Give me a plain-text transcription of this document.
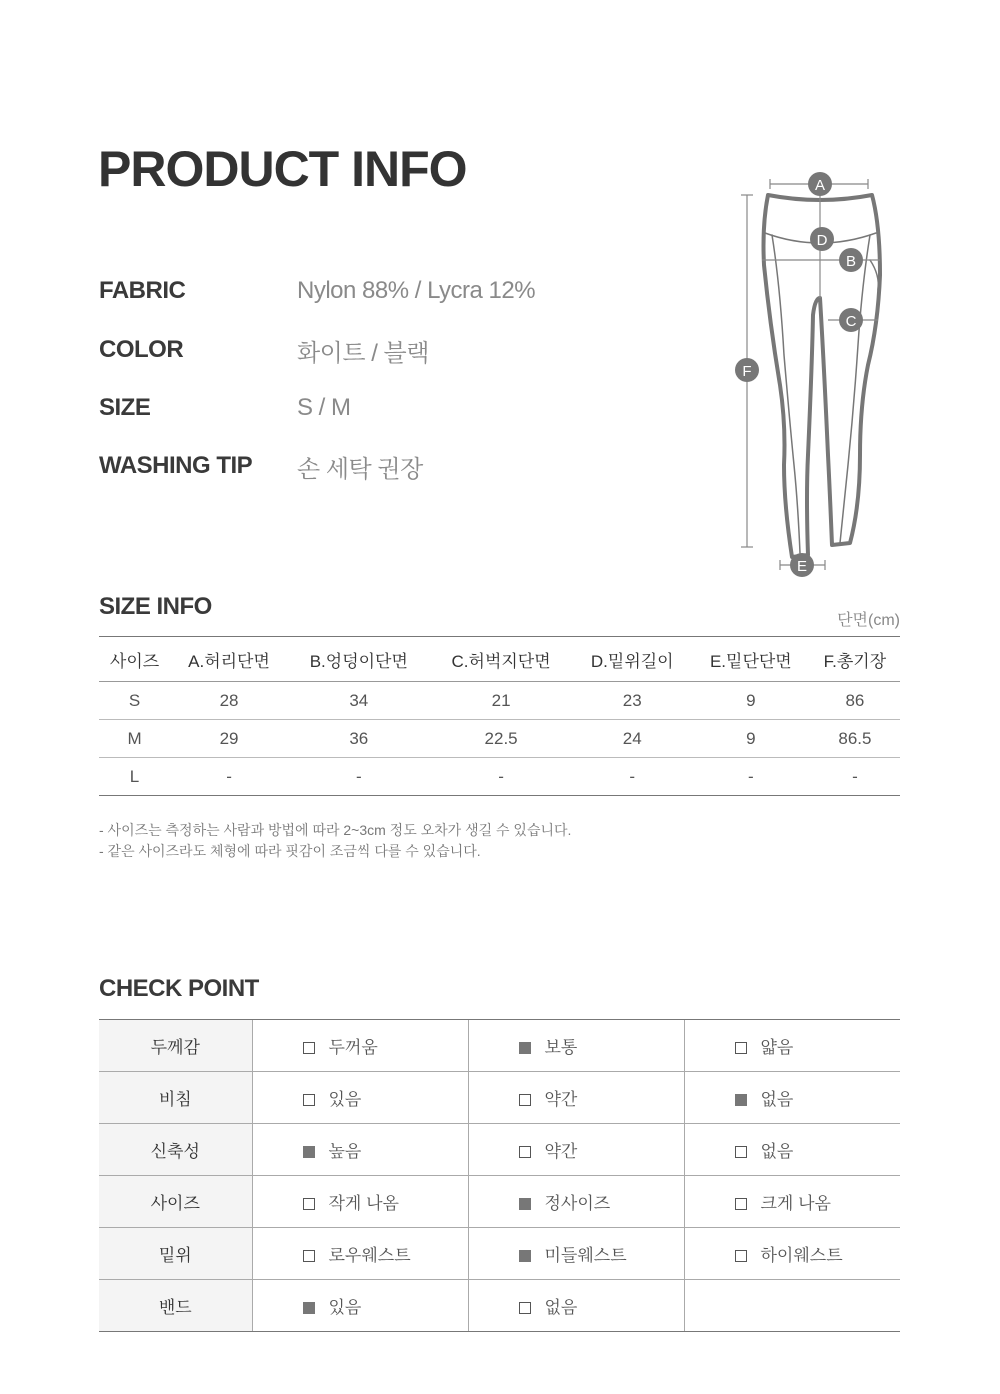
PRODUCT INFO
FABRIC	Nylon 88% / Lycra 12%
COLOR	화이트 / 블랙
SIZE	S / M
WASHING TIP	손 세탁 권장
A
D
B
C
F
E
SIZE INFO
단면(cm)
사이즈	A.허리단면	B.엉덩이단면	C.허벅지단면	D.밑위길이	E.밑단단면	F.총기장
S	28	34	21	23	9	86
M	29	36	22.5	24	9	86.5
L	-	-	-	-	-	-
- 사이즈는 측정하는 사람과 방법에 따라 2~3cm 정도 오차가 생길 수 있습니다.
- 같은 사이즈라도 체형에 따라 핏감이 조금씩 다를 수 있습니다.
CHECK POINT
두께감	두꺼움	보통	얇음
비침	있음	약간	없음
신축성	높음	약간	없음
사이즈	작게 나옴	정사이즈	크게 나옴
밑위	로우웨스트	미들웨스트	하이웨스트
밴드	있음	없음	
